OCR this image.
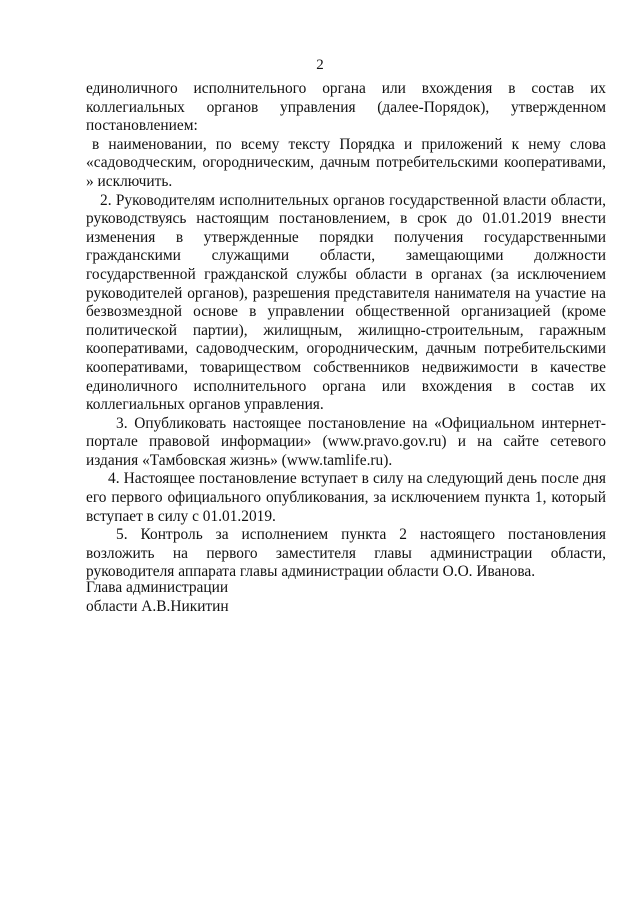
2

единоличного исполнительного органа или вхождения в состав их коллегиальных органов управления (далее-Порядок), утвержденном постановлением:

в наименовании, по всему тексту Порядка и приложений к нему слова «садоводческим, огородническим, дачным потребительскими кооперативами, » исключить.

2. Руководителям исполнительных органов государственной власти области, руководствуясь настоящим постановлением, в срок до 01.01.2019 внести изменения в утвержденные порядки получения государственными гражданскими служащими области, замещающими должности государственной гражданской службы области в органах (за исключением руководителей органов), разрешения представителя нанимателя на участие на безвозмездной основе в управлении общественной организацией (кроме политической партии), жилищным, жилищно-строительным, гаражным кооперативами, садоводческим, огородническим, дачным потребительскими кооперативами, товариществом собственников недвижимости в качестве единоличного исполнительного органа или вхождения в состав их коллегиальных органов управления.

3. Опубликовать настоящее постановление на «Официальном интернет-портале правовой информации» (www.pravo.gov.ru) и на сайте сетевого издания «Тамбовская жизнь» (www.tamlife.ru).

4. Настоящее постановление вступает в силу на следующий день после дня его первого официального опубликования, за исключением пункта 1, который вступает в силу с 01.01.2019.

5. Контроль за исполнением пункта 2 настоящего постановления возложить на первого заместителя главы администрации области, руководителя аппарата главы администрации области О.О. Иванова.

Глава администрации
области А.В.Никитин
